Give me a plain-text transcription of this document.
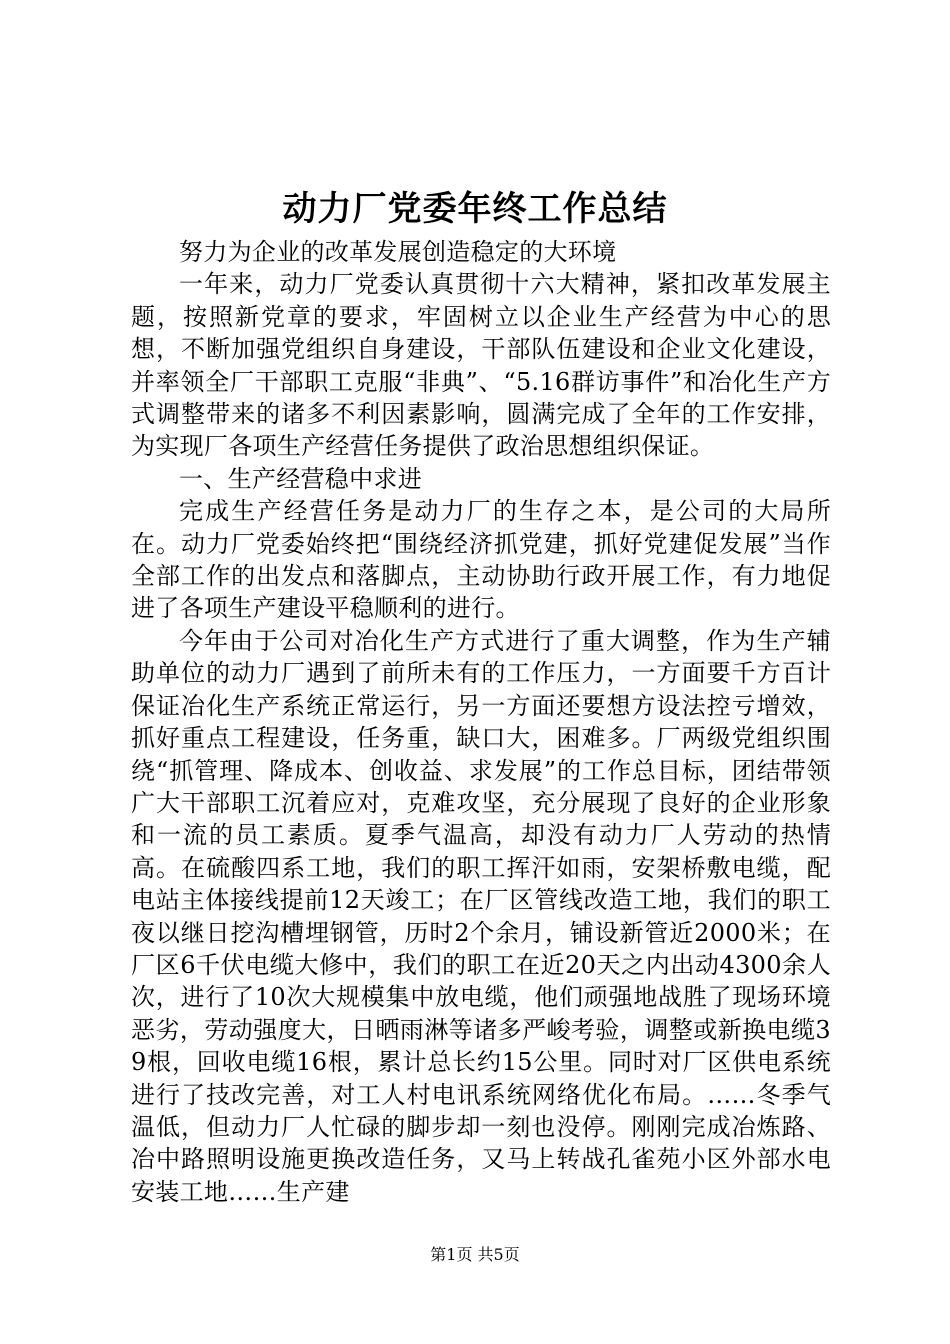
动力厂党委年终工作总结

努力为企业的改革发展创造稳定的大环境

一年来，动力厂党委认真贯彻十六大精神，紧扣改革发展主题，按照新党章的要求，牢固树立以企业生产经营为中心的思想，不断加强党组织自身建设，干部队伍建设和企业文化建设，并率领全厂干部职工克服“非典”、“5.16群访事件”和冶化生产方式调整带来的诸多不利因素影响，圆满完成了全年的工作安排，为实现厂各项生产经营任务提供了政治思想组织保证。

一、生产经营稳中求进

完成生产经营任务是动力厂的生存之本，是公司的大局所在。动力厂党委始终把“围绕经济抓党建，抓好党建促发展”当作全部工作的出发点和落脚点，主动协助行政开展工作，有力地促进了各项生产建设平稳顺利的进行。

今年由于公司对冶化生产方式进行了重大调整，作为生产辅助单位的动力厂遇到了前所未有的工作压力，一方面要千方百计保证冶化生产系统正常运行，另一方面还要想方设法控亏增效，抓好重点工程建设，任务重，缺口大，困难多。厂两级党组织围绕“抓管理、降成本、创收益、求发展”的工作总目标，团结带领广大干部职工沉着应对，克难攻坚，充分展现了良好的企业形象和一流的员工素质。夏季气温高，却没有动力厂人劳动的热情高。在硫酸四系工地，我们的职工挥汗如雨，安架桥敷电缆，配电站主体接线提前12天竣工；在厂区管线改造工地，我们的职工夜以继日挖沟槽埋钢管，历时2个余月，铺设新管近2000米；在厂区6千伏电缆大修中，我们的职工在近20天之内出动4300余人次，进行了10次大规模集中放电缆，他们顽强地战胜了现场环境恶劣，劳动强度大，日晒雨淋等诸多严峻考验，调整或新换电缆39根，回收电缆16根，累计总长约15公里。同时对厂区供电系统进行了技改完善，对工人村电讯系统网络优化布局。……冬季气温低，但动力厂人忙碌的脚步却一刻也没停。刚刚完成冶炼路、冶中路照明设施更换改造任务，又马上转战孔雀苑小区外部水电安装工地……生产建

第1页 共5页
